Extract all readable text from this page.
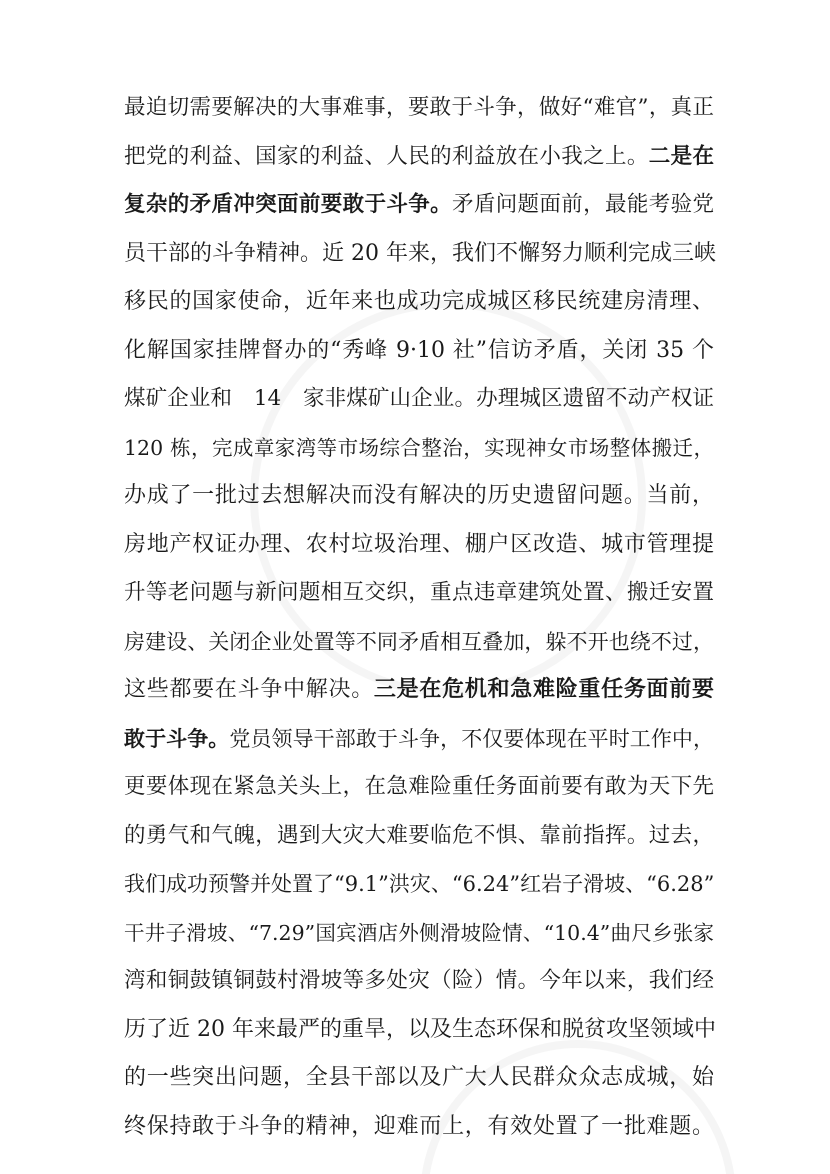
最迫切需要解决的大事难事，要敢于斗争，做好“难官”，真正
把党的利益、国家的利益、人民的利益放在小我之上。二是在
复杂的矛盾冲突面前要敢于斗争。矛盾问题面前，最能考验党
员干部的斗争精神。近 20 年来，我们不懈努力顺利完成三峡
移民的国家使命，近年来也成功完成城区移民统建房清理、
化解国家挂牌督办的“秀峰 9·10 社”信访矛盾，关闭 35 个
煤矿企业和　14　家非煤矿山企业。办理城区遗留不动产权证
120 栋，完成章家湾等市场综合整治，实现神女市场整体搬迁，
办成了一批过去想解决而没有解决的历史遗留问题。当前，
房地产权证办理、农村垃圾治理、棚户区改造、城市管理提
升等老问题与新问题相互交织，重点违章建筑处置、搬迁安置
房建设、关闭企业处置等不同矛盾相互叠加，躲不开也绕不过，
这些都要在斗争中解决。三是在危机和急难险重任务面前要
敢于斗争。党员领导干部敢于斗争，不仅要体现在平时工作中，
更要体现在紧急关头上，在急难险重任务面前要有敢为天下先
的勇气和气魄，遇到大灾大难要临危不惧、靠前指挥。过去，
我们成功预警并处置了“9.1”洪灾、“6.24”红岩子滑坡、“6.28”
干井子滑坡、“7.29”国宾酒店外侧滑坡险情、“10.4”曲尺乡张家
湾和铜鼓镇铜鼓村滑坡等多处灾（险）情。今年以来，我们经
历了近 20 年来最严的重旱，以及生态环保和脱贫攻坚领域中
的一些突出问题，全县干部以及广大人民群众众志成城，始
终保持敢于斗争的精神，迎难而上，有效处置了一批难题。
